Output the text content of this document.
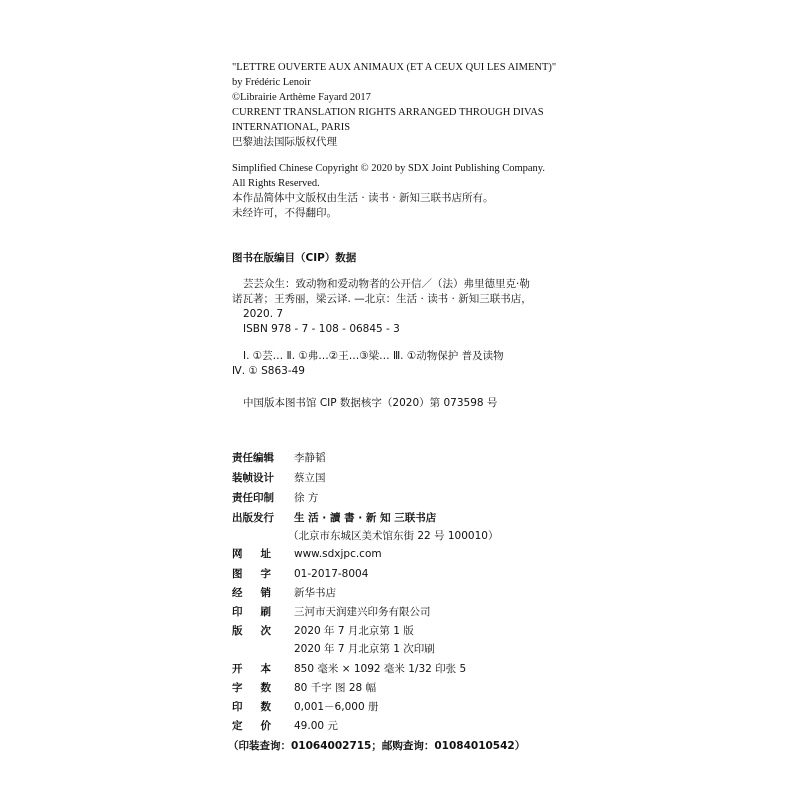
"LETTRE OUVERTE AUX ANIMAUX (ET A CEUX QUI LES AIMENT)"
by Frédéric Lenoir
©Librairie Arthème Fayard 2017
CURRENT TRANSLATION RIGHTS ARRANGED THROUGH DIVAS
INTERNATIONAL, PARIS
巴黎迪法国际版权代理
Simplified Chinese Copyright © 2020 by SDX Joint Publishing Company.
All Rights Reserved.
本作品简体中文版权由生活 · 读书 · 新知三联书店所有。
未经许可，不得翻印。
图书在版编目（CIP）数据
芸芸众生：致动物和爱动物者的公开信／（法）弗里德里克·勒
诺瓦著；王秀丽，梁云译. —北京：生活 · 读书 · 新知三联书店，
2020. 7
ISBN 978 - 7 - 108 - 06845 - 3
Ⅰ. ①芸… Ⅱ. ①弗…②王…③梁… Ⅲ. ①动物保护 普及读物
Ⅳ. ① S863-49
中国版本图书馆 CIP 数据核字（2020）第 073598 号
责任编辑 李静韬
装帧设计 蔡立国
责任印制 徐 方
出版发行 生 活 · 讀 書 · 新 知 三联书店
（北京市东城区美术馆东街 22 号 100010）
网址 www.sdxjpc.com
图字 01-2017-8004
经销 新华书店
印刷 三河市天润建兴印务有限公司
版次 2020 年 7 月北京第 1 版
2020 年 7 月北京第 1 次印刷
开本 850 毫米 × 1092 毫米 1/32 印张 5
字数 80 千字 图 28 幅
印数 0,001－6,000 册
定价 49.00 元
（印装查询：01064002715；邮购查询：01084010542）
